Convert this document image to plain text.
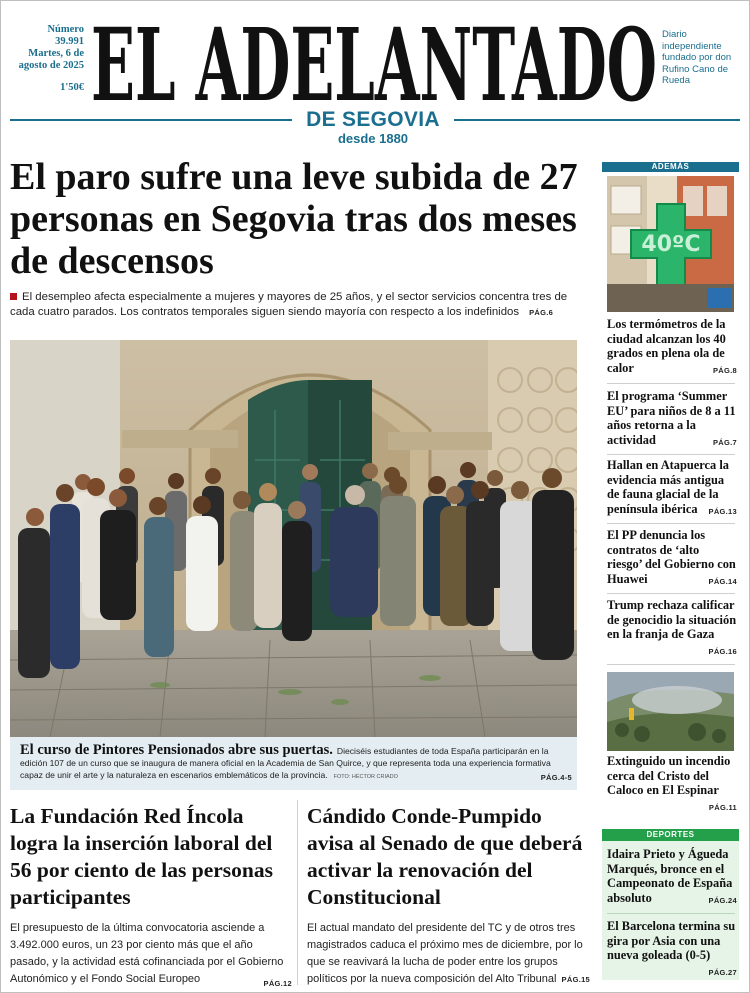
Número
39.991
Martes, 6 de agosto de 2025
1'50€ EL ADELANTADO Diario independiente fundado por don Rufino Cano de Rueda
DE SEGOVIA
desde 1880
El paro sufre una leve subida de 27 personas en Segovia tras dos meses de descensos
El desempleo afecta especialmente a mujeres y mayores de 25 años, y el sector servicios concentra tres de cada cuatro parados. Los contratos temporales siguen siendo mayoría con respecto a los indefinidos PÁG.6
El curso de Pintores Pensionados abre sus puertas. Dieciséis estudiantes de toda España participarán en la edición 107 de un curso que se inaugura de manera oficial en la Academia de San Quirce, y que representa toda una experiencia formativa capaz de unir el arte y la naturaleza en escenarios emblemáticos de la provincia. FOTO: HÉCTOR CRIADO	PÁG.4-5
La Fundación Red Íncola logra la inserción laboral del 56 por ciento de las personas participantes
El presupuesto de la última convocatoria asciende a 3.492.000 euros, un 23 por ciento más que el año pasado, y la actividad está cofinanciada por el Gobierno Autonómico y el Fondo Social Europeo	PÁG.12
Cándido Conde-Pumpido avisa al Senado de que deberá activar la renovación del Constitucional
El actual mandato del presidente del TC y de otros tres magistrados caduca el próximo mes de diciembre, por lo que se reavivará la lucha de poder entre los grupos políticos por la nueva composición del Alto Tribunal PÁG.15
ADEMÁS
40ºC
Los termómetros de la ciudad alcanzan los 40 grados en plena ola de calor	PÁG.8
El programa ‘Summer EU’ para niños de 8 a 11 años retorna a la actividad	PÁG.7
Hallan en Atapuerca la evidencia más antigua de fauna glacial de la península ibérica PÁG.13
El PP denuncia los contratos de ‘alto riesgo’ del Gobierno con Huawei	PÁG.14
Trump rechaza calificar de genocidio la situación en la franja de Gaza
PÁG.16
Extinguido un incendio cerca del Cristo del Caloco en El Espinar
PÁG.11
DEPORTES
Idaira Prieto y Águeda Marqués, bronce en el Campeonato de España absoluto	PÁG.24
El Barcelona termina su gira por Asia con una nueva goleada (0-5)
PÁG.27
